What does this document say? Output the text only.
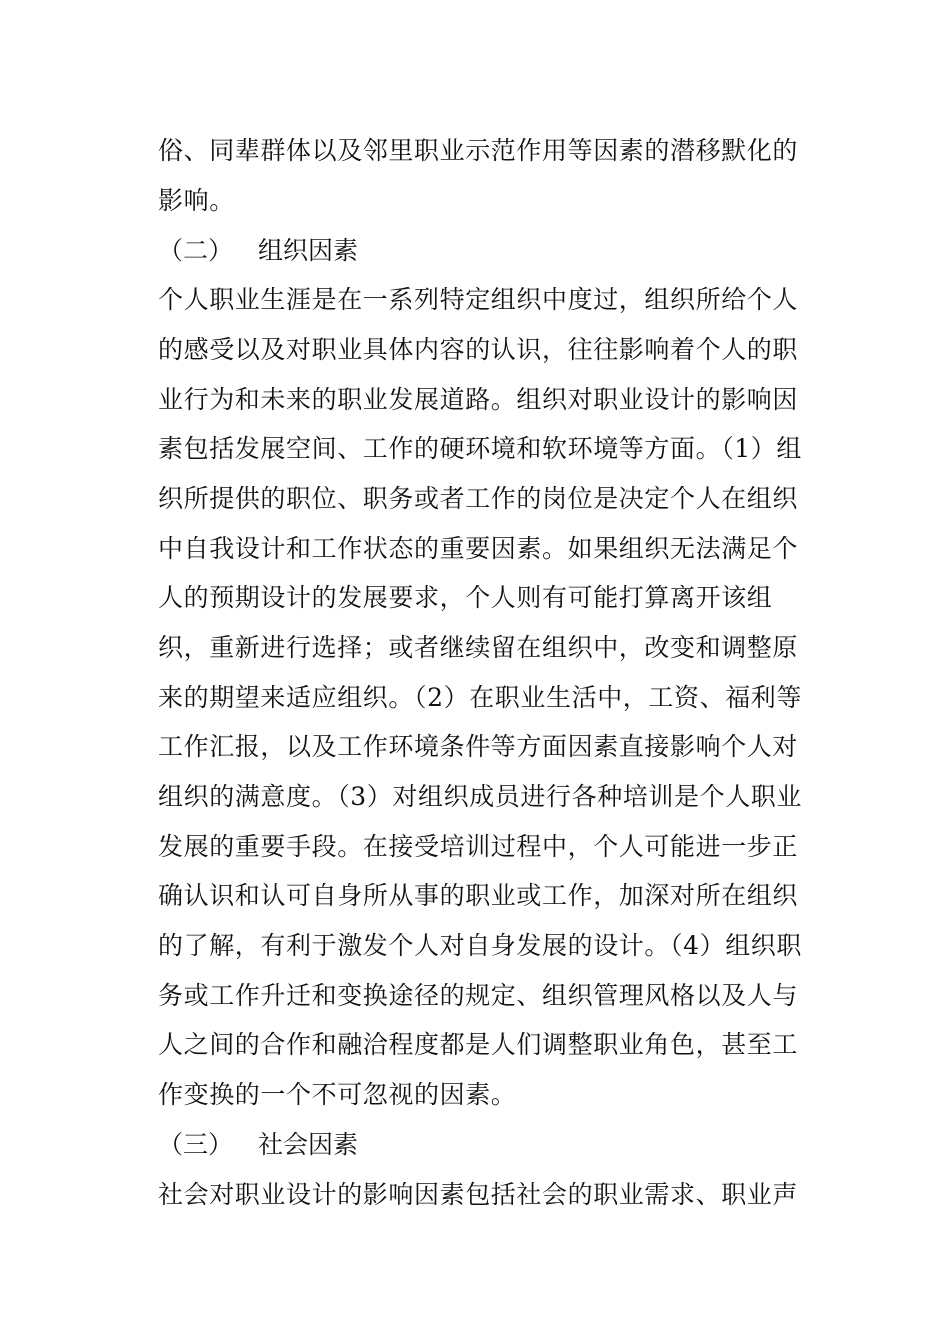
俗、同辈群体以及邻里职业示范作用等因素的潜移默化的
影响。
（二） 组织因素
个人职业生涯是在一系列特定组织中度过，组织所给个人
的感受以及对职业具体内容的认识，往往影响着个人的职
业行为和未来的职业发展道路。组织对职业设计的影响因
素包括发展空间、工作的硬环境和软环境等方面。（1）组
织所提供的职位、职务或者工作的岗位是决定个人在组织
中自我设计和工作状态的重要因素。如果组织无法满足个
人的预期设计的发展要求，个人则有可能打算离开该组
织，重新进行选择；或者继续留在组织中，改变和调整原
来的期望来适应组织。（2）在职业生活中，工资、福利等
工作汇报，以及工作环境条件等方面因素直接影响个人对
组织的满意度。（3）对组织成员进行各种培训是个人职业
发展的重要手段。在接受培训过程中，个人可能进一步正
确认识和认可自身所从事的职业或工作，加深对所在组织
的了解，有利于激发个人对自身发展的设计。（4）组织职
务或工作升迁和变换途径的规定、组织管理风格以及人与
人之间的合作和融洽程度都是人们调整职业角色，甚至工
作变换的一个不可忽视的因素。
（三） 社会因素
社会对职业设计的影响因素包括社会的职业需求、职业声
